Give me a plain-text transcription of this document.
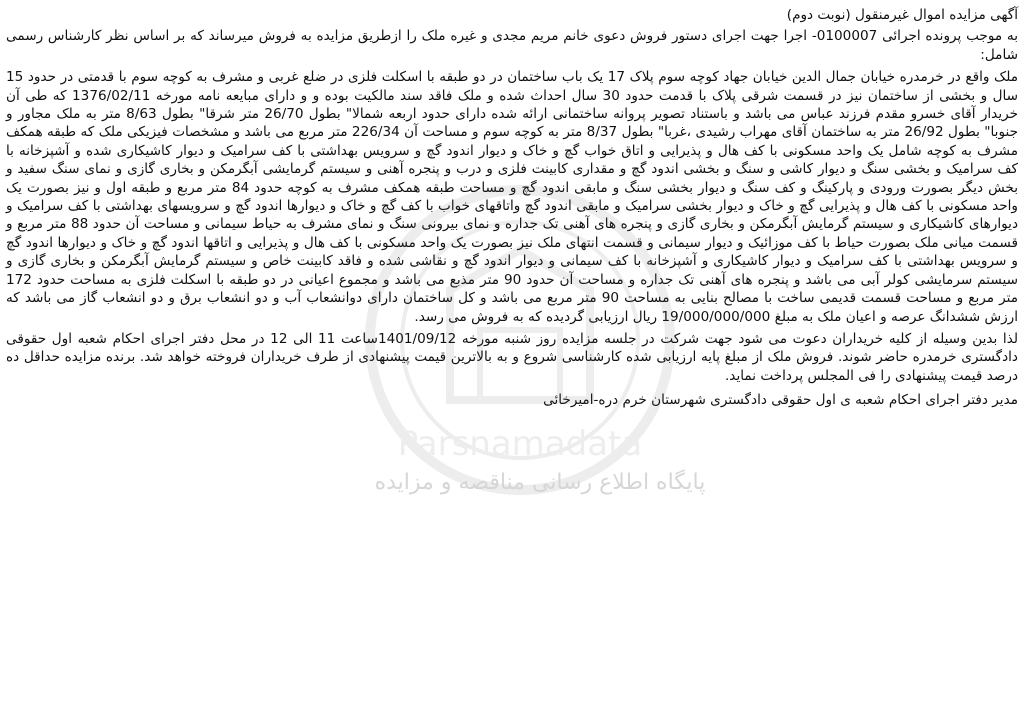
آگهی مزایده اموال غیرمنقول (نوبت دوم)

به موجب پرونده اجرائی 0100007- اجرا جهت اجرای دستور فروش دعوی خانم مریم مجدی و غیره ملک را ازطریق مزایده به فروش میرساند که بر اساس نظر کارشناس رسمی شامل:

ملک واقع در خرمدره خیابان جمال الدین خیابان جهاد کوچه سوم پلاک 17 یک باب ساختمان در دو طبقه با اسکلت فلزی در ضلع غربی و مشرف به کوچه سوم با قدمتی در حدود 15 سال و بخشی از ساختمان نیز در قسمت شرقی پلاک با قدمت حدود 30 سال احداث شده و ملک فاقد سند مالکیت بوده و و دارای مبایعه نامه مورخه 1376/02/11 که طی آن خریدار آقای خسرو مقدم فرزند عباس می باشد و باستناد تصویر پروانه ساختمانی ارائه شده دارای حدود اربعه شمالا" بطول 26/70 متر شرقا" بطول 8/63 متر به ملک مجاور و جنوبا" بطول 26/92 متر به ساختمان آقای مهراب رشیدی ،غربا" بطول 8/37 متر به کوچه سوم و مساحت آن 226/34 متر مربع می باشد و مشخصات فیزیکی ملک که طبقه همکف مشرف به کوچه شامل یک واحد مسکونی با کف هال و پذیرایی و اتاق خواب گچ و خاک و دیوار اندود گچ و سرویس بهداشتی با کف سرامیک و دیوار کاشیکاری شده و آشپزخانه با کف سرامیک و بخشی سنگ و دیوار کاشی و سنگ و بخشی اندود گچ و مقداری کابینت فلزی و درب و پنجره آهنی و سیستم گرمایشی آبگرمکن و بخاری گازی و نمای سنگ سفید و بخش دیگر بصورت ورودی و پارکینگ و کف سنگ و دیوار بخشی سنگ و مابقی اندود گچ و مساحت طبقه همکف مشرف به کوچه حدود 84 متر مربع و طبقه اول و نیز بصورت یک واحد مسکونی با کف هال و پذیرایی گچ و خاک و دیوار بخشی سرامیک و مابقی اندود گچ واتاقهای خواب با کف گچ و خاک و دیوارها اندود گچ و سرویسهای بهداشتی با کف سرامیک و دیوارهای کاشیکاری و سیستم گرمایش آبگرمکن و بخاری گازی و پنجره های آهنی تک جداره و نمای بیرونی سنگ و نمای مشرف به حیاط سیمانی و مساحت آن حدود 88 متر مربع و قسمت میانی ملک بصورت حیاط با کف موزائیک و دیوار سیمانی و قسمت انتهای ملک نیز بصورت یک واحد مسکونی با کف هال و پذیرایی و اتاقها اندود گچ و خاک و دیوارها اندود گچ و سرویس بهداشتی با کف سرامیک و دیوار کاشیکاری و آشپزخانه با کف سیمانی و دیوار اندود گچ و نقاشی شده و فاقد کابینت خاص و سیستم گرمایش آبگرمکن و بخاری گازی و سیستم سرمایشی کولر آبی می باشد و پنجره های آهنی تک جداره و مساحت آن حدود 90 متر مذبع می باشد و مجموع اعیانی در دو طبقه با اسکلت فلزی به مساحت حدود 172 متر مربع و مساحت قسمت قدیمی ساخت با مصالح بنایی به مساحت 90 متر مربع می باشد و کل ساختمان دارای دوانشعاب آب و دو انشعاب برق و دو انشعاب گاز می باشد که ارزش ششدانگ عرصه و اعیان ملک به مبلغ 19/000/000/000 ریال ارزیابی گردیده که به فروش می رسد.

لذا بدین وسیله از کلیه خریداران دعوت می شود جهت شرکت در جلسه مزایده روز شنبه مورخه 1401/09/12ساعت 11 الی 12 در محل دفتر اجرای احکام شعبه اول حقوقی دادگستری خرمدره حاضر شوند. فروش ملک از مبلغ پایه ارزیابی شده کارشناسی شروع و به بالاترین قیمت پیشنهادی از طرف خریداران فروخته خواهد شد. برنده مزایده حداقل ده درصد قیمت پیشنهادی را فی المجلس پرداخت نماید.

مدیر دفتر اجرای احکام شعبه ی اول حقوقی دادگستری شهرستان خرم دره-امیرخائی

Parsnamadata
پایگاه اطلاع رسانی مناقصه و مزایده
